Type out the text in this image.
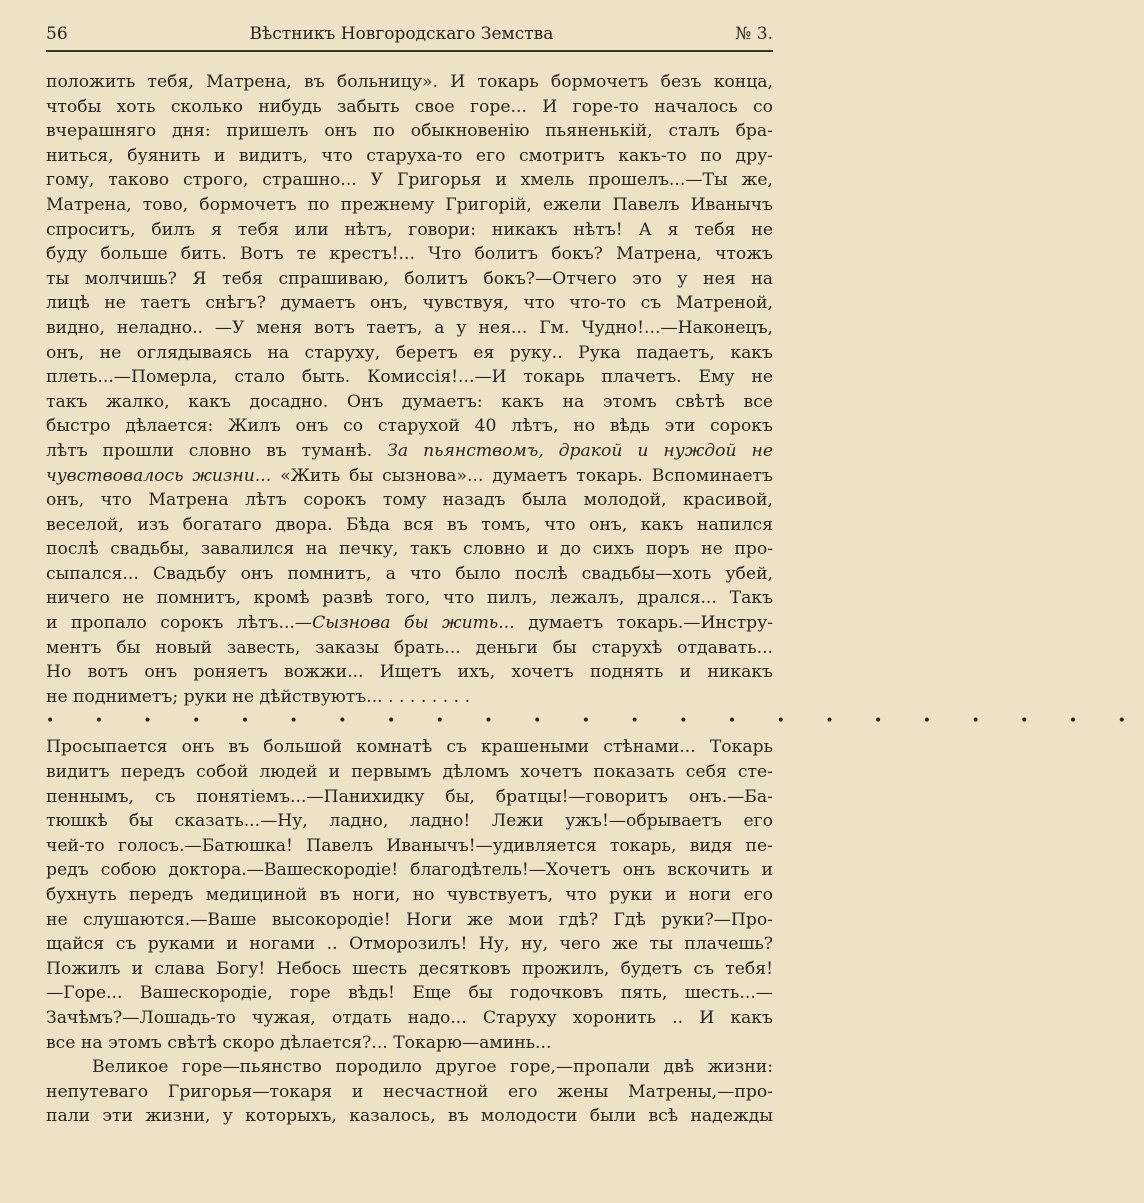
56	Вѣстникъ Новгородскаго Земства	№ 3.
положить тебя, Матрена, въ больницу». И токарь бормочетъ безъ конца,
чтобы хоть сколько нибудь забыть свое горе... И горе-то началось со
вчерашняго дня: пришелъ онъ по обыкновенію пьяненькій, сталъ бра-
ниться, буянить и видитъ, что старуха-то его смотритъ какъ-то по дру-
гому, таково строго, страшно... У Григорья и хмель прошелъ...—Ты же,
Матрена, тово, бормочетъ по прежнему Григорій, ежели Павелъ Иванычъ
спроситъ, билъ я тебя или нѣтъ, говори: никакъ нѣтъ! А я тебя не
буду больше бить. Вотъ те крестъ!... Что болитъ бокъ? Матрена, чтожъ
ты молчишь? Я тебя спрашиваю, болитъ бокъ?—Отчего это у нея на
лицѣ не таетъ снѣгъ? думаетъ онъ, чувствуя, что что-то съ Матреной,
видно, неладно.. —У меня вотъ таетъ, а у нея... Гм. Чудно!...—Наконецъ,
онъ, не оглядываясь на старуху, беретъ ея руку.. Рука падаетъ, какъ
плеть...—Померла, стало быть. Комиссія!...—И токарь плачетъ. Ему не
такъ жалко, какъ досадно. Онъ думаетъ: какъ на этомъ свѣтѣ все
быстро дѣлается: Жилъ онъ со старухой 40 лѣтъ, но вѣдь эти сорокъ
лѣтъ прошли словно въ туманѣ. За пьянствомъ, дракой и нуждой не
чувствовалось жизни... «Жить бы сызнова»... думаетъ токарь. Вспоминаетъ
онъ, что Матрена лѣтъ сорокъ тому назадъ была молодой, красивой,
веселой, изъ богатаго двора. Бѣда вся въ томъ, что онъ, какъ напился
послѣ свадьбы, завалился на печку, такъ словно и до сихъ поръ не про-
сыпался... Свадьбу онъ помнитъ, а что было послѣ свадьбы—хоть убей,
ничего не помнитъ, кромѣ развѣ того, что пилъ, лежалъ, дрался... Такъ
и пропало сорокъ лѣтъ...—Сызнова бы жить... думаетъ токарь.—Инстру-
ментъ бы новый завесть, заказы брать... деньги бы старухѣ отдавать...
Но вотъ онъ роняетъ вожжи... Ищетъ ихъ, хочетъ поднять и никакъ
не подниметъ; руки не дѣйствуютъ... . . . . . . . .
• • • • • • • • • • • • • • • • • • • • • • •
Просыпается онъ въ большой комнатѣ съ крашеными стѣнами... Токарь
видитъ передъ собой людей и первымъ дѣломъ хочетъ показать себя сте-
пеннымъ, съ понятіемъ...—Панихидку бы, братцы!—говоритъ онъ.—Ба-
тюшкѣ бы сказать...—Ну, ладно, ладно! Лежи ужъ!—обрываетъ его
чей-то голосъ.—Батюшка! Павелъ Иванычъ!—удивляется токарь, видя пе-
редъ собою доктора.—Вашескородіе! благодѣтель!—Хочетъ онъ вскочить и
бухнуть передъ медициной въ ноги, но чувствуетъ, что руки и ноги его
не слушаются.—Ваше высокородіе! Ноги же мои гдѣ? Гдѣ руки?—Про-
щайся съ руками и ногами .. Отморозилъ! Ну, ну, чего же ты плачешь?
Пожилъ и слава Богу! Небось шесть десятковъ прожилъ, будетъ съ тебя!
—Горе... Вашескородіе, горе вѣдь! Еще бы годочковъ пять, шесть...—
Зачѣмъ?—Лошадь-то чужая, отдать надо... Старуху хоронить .. И какъ
все на этомъ свѣтѣ скоро дѣлается?... Токарю—аминь...
Великое горе—пьянство породило другое горе,—пропали двѣ жизни:
непутеваго Григорья—токаря и несчастной его жены Матрены,—про-
пали эти жизни, у которыхъ, казалось, въ молодости были всѣ надежды
